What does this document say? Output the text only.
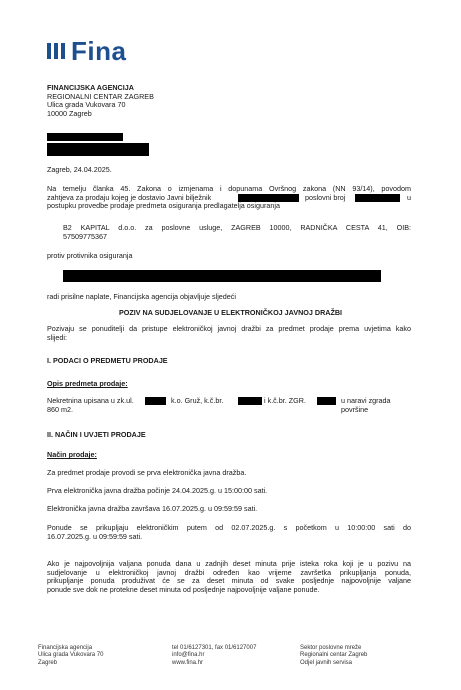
Fina
FINANCIJSKA AGENCIJA
REGIONALNI CENTAR ZAGREB
Ulica grada Vukovara 70
10000 Zagreb
Zagreb, 24.04.2025.
Na temelju članka 45. Zakona o izmjenama i dopunama Ovršnog zakona (NN 93/14), povodom
zahtjeva za prodaju kojeg je dostavio Javni bilježnik	poslovni broj	u
postupku provedbe prodaje predmeta osiguranja predlagatelja osiguranja
B2 KAPITAL d.o.o. za poslovne usluge, ZAGREB 10000, RADNIČKA CESTA 41, OIB:
57509775367
protiv protivnika osiguranja
radi prisilne naplate, Financijska agencija objavljuje sljedeći
POZIV NA SUDJELOVANJE U ELEKTRONIČKOJ JAVNOJ DRAŽBI
Pozivaju se ponuditelji da pristupe elektroničkoj javnoj dražbi za predmet prodaje prema uvjetima kako
slijedi:
I. PODACI O PREDMETU PRODAJE
Opis predmeta prodaje:
Nekretnina upisana u zk.ul.	k.o. Gruž, k.č.br.	i k.č.br. ZGR.	u naravi zgrada površine
860 m2.
II. NAČIN I UVJETI PRODAJE
Način prodaje:
Za predmet prodaje provodi se prva elektronička javna dražba.
Prva elektronička javna dražba počinje 24.04.2025.g. u 15:00:00 sati.
Elektronička javna dražba završava 16.07.2025.g. u 09:59:59 sati.
Ponude se prikupljaju elektroničkim putem od 02.07.2025.g. s početkom u 10:00:00 sati do
16.07.2025.g. u 09:59:59 sati.
Ako je najpovoljnija valjana ponuda dana u zadnjih deset minuta prije isteka roka koji je u pozivu na
sudjelovanje u elektroničkoj javnoj dražbi određen kao vrijeme završetka prikupljanja ponuda,
prikupljanje ponuda produživat će se za deset minuta od svake posljednje najpovoljnije valjane
ponude sve dok ne protekne deset minuta od posljednje najpovoljnije valjane ponude.
Financijska agencija
Ulica grada Vukovara 70
Zagreb
tel 01/6127301, fax 01/6127007
info@fina.hr
www.fina.hr
Sektor poslovne mreže
Regionalni centar Zagreb
Odjel javnih servisa
